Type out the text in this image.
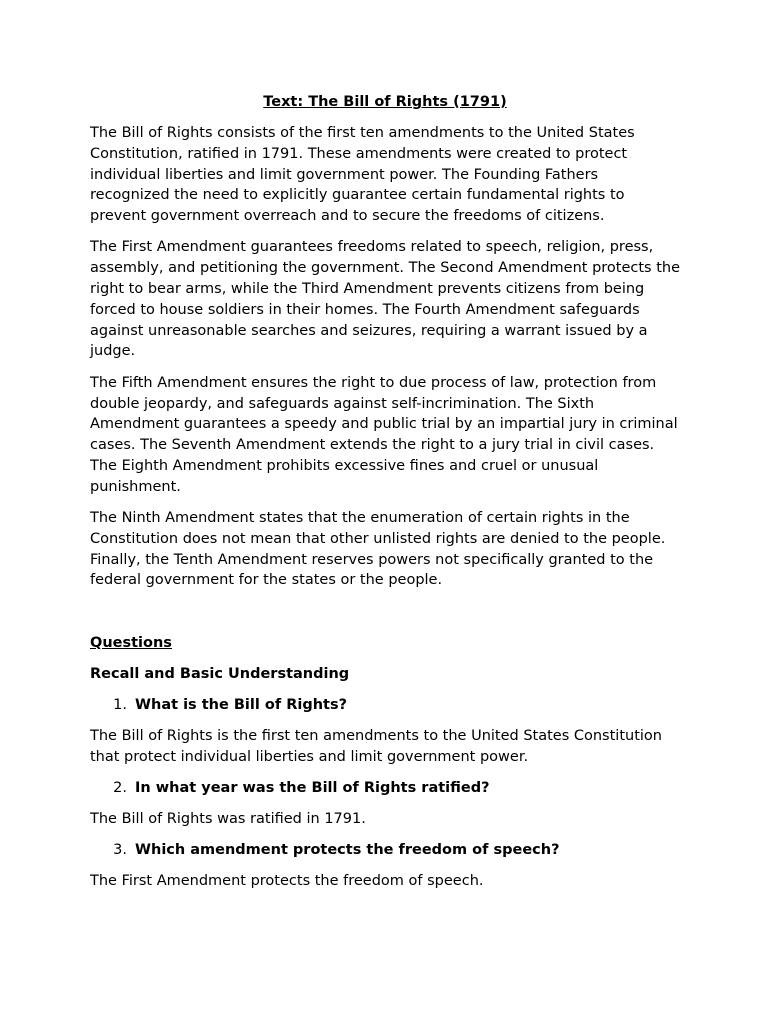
Text: The Bill of Rights (1791)

The Bill of Rights consists of the first ten amendments to the United States Constitution, ratified in 1791. These amendments were created to protect individual liberties and limit government power. The Founding Fathers recognized the need to explicitly guarantee certain fundamental rights to prevent government overreach and to secure the freedoms of citizens.

The First Amendment guarantees freedoms related to speech, religion, press, assembly, and petitioning the government. The Second Amendment protects the right to bear arms, while the Third Amendment prevents citizens from being forced to house soldiers in their homes. The Fourth Amendment safeguards against unreasonable searches and seizures, requiring a warrant issued by a judge.

The Fifth Amendment ensures the right to due process of law, protection from double jeopardy, and safeguards against self-incrimination. The Sixth Amendment guarantees a speedy and public trial by an impartial jury in criminal cases. The Seventh Amendment extends the right to a jury trial in civil cases. The Eighth Amendment prohibits excessive fines and cruel or unusual punishment.

The Ninth Amendment states that the enumeration of certain rights in the Constitution does not mean that other unlisted rights are denied to the people. Finally, the Tenth Amendment reserves powers not specifically granted to the federal government for the states or the people.

Questions
Recall and Basic Understanding
1. What is the Bill of Rights?
The Bill of Rights is the first ten amendments to the United States Constitution that protect individual liberties and limit government power.
2. In what year was the Bill of Rights ratified?
The Bill of Rights was ratified in 1791.
3. Which amendment protects the freedom of speech?
The First Amendment protects the freedom of speech.
